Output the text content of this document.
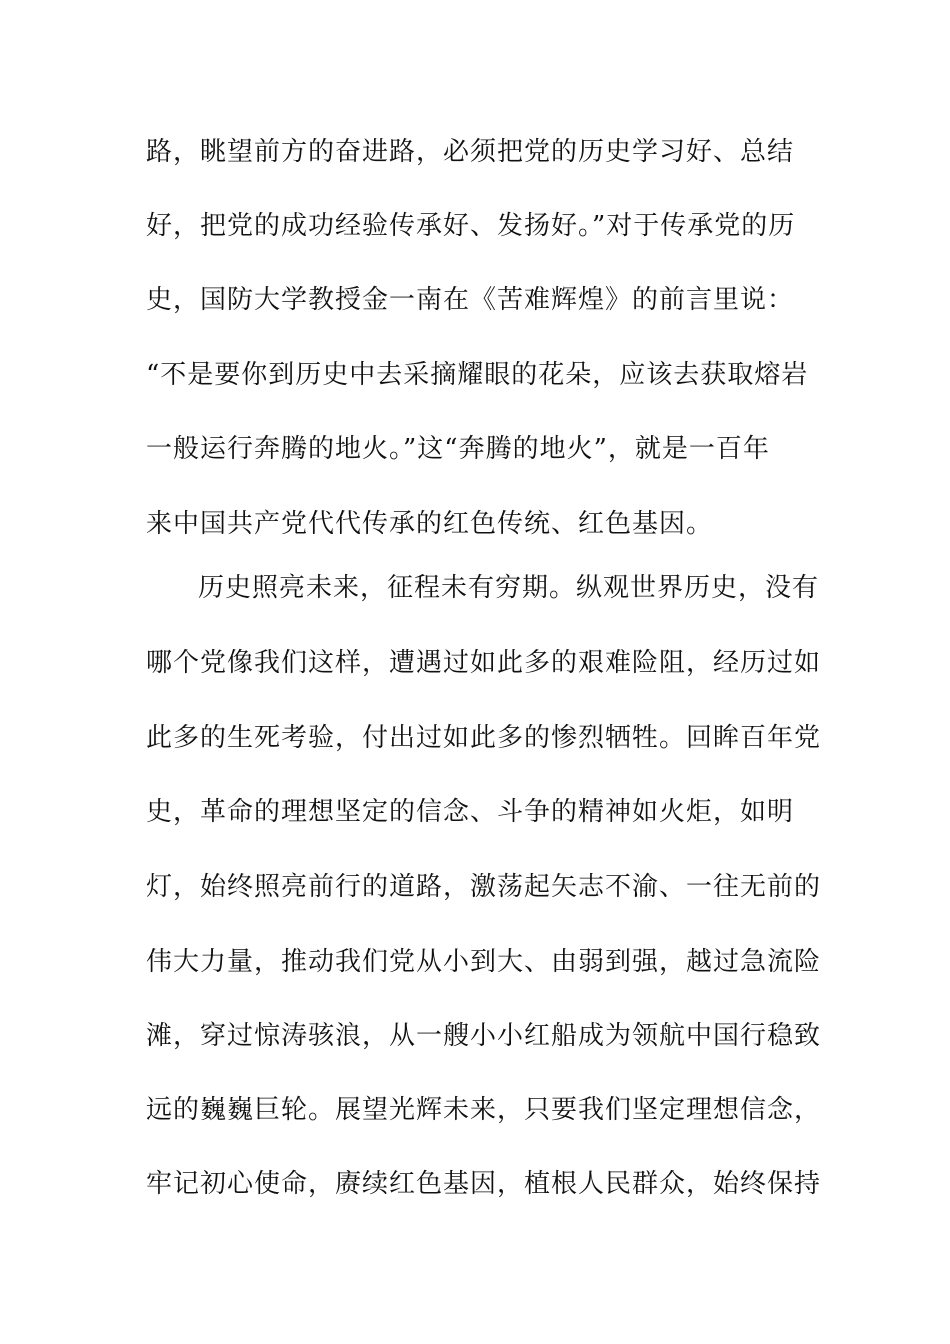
路，眺望前方的奋进路，必须把党的历史学习好、总结
好，把党的成功经验传承好、发扬好。”对于传承党的历
史，国防大学教授金一南在《苦难辉煌》的前言里说：
“不是要你到历史中去采摘耀眼的花朵，应该去获取熔岩
一般运行奔腾的地火。”这“奔腾的地火”，就是一百年
来中国共产党代代传承的红色传统、红色基因。
历史照亮未来，征程未有穷期。纵观世界历史，没有
哪个党像我们这样，遭遇过如此多的艰难险阻，经历过如
此多的生死考验，付出过如此多的惨烈牺牲。回眸百年党
史，革命的理想坚定的信念、斗争的精神如火炬，如明
灯，始终照亮前行的道路，激荡起矢志不渝、一往无前的
伟大力量，推动我们党从小到大、由弱到强，越过急流险
滩，穿过惊涛骇浪，从一艘小小红船成为领航中国行稳致
远的巍巍巨轮。展望光辉未来，只要我们坚定理想信念，
牢记初心使命，赓续红色基因，植根人民群众，始终保持
